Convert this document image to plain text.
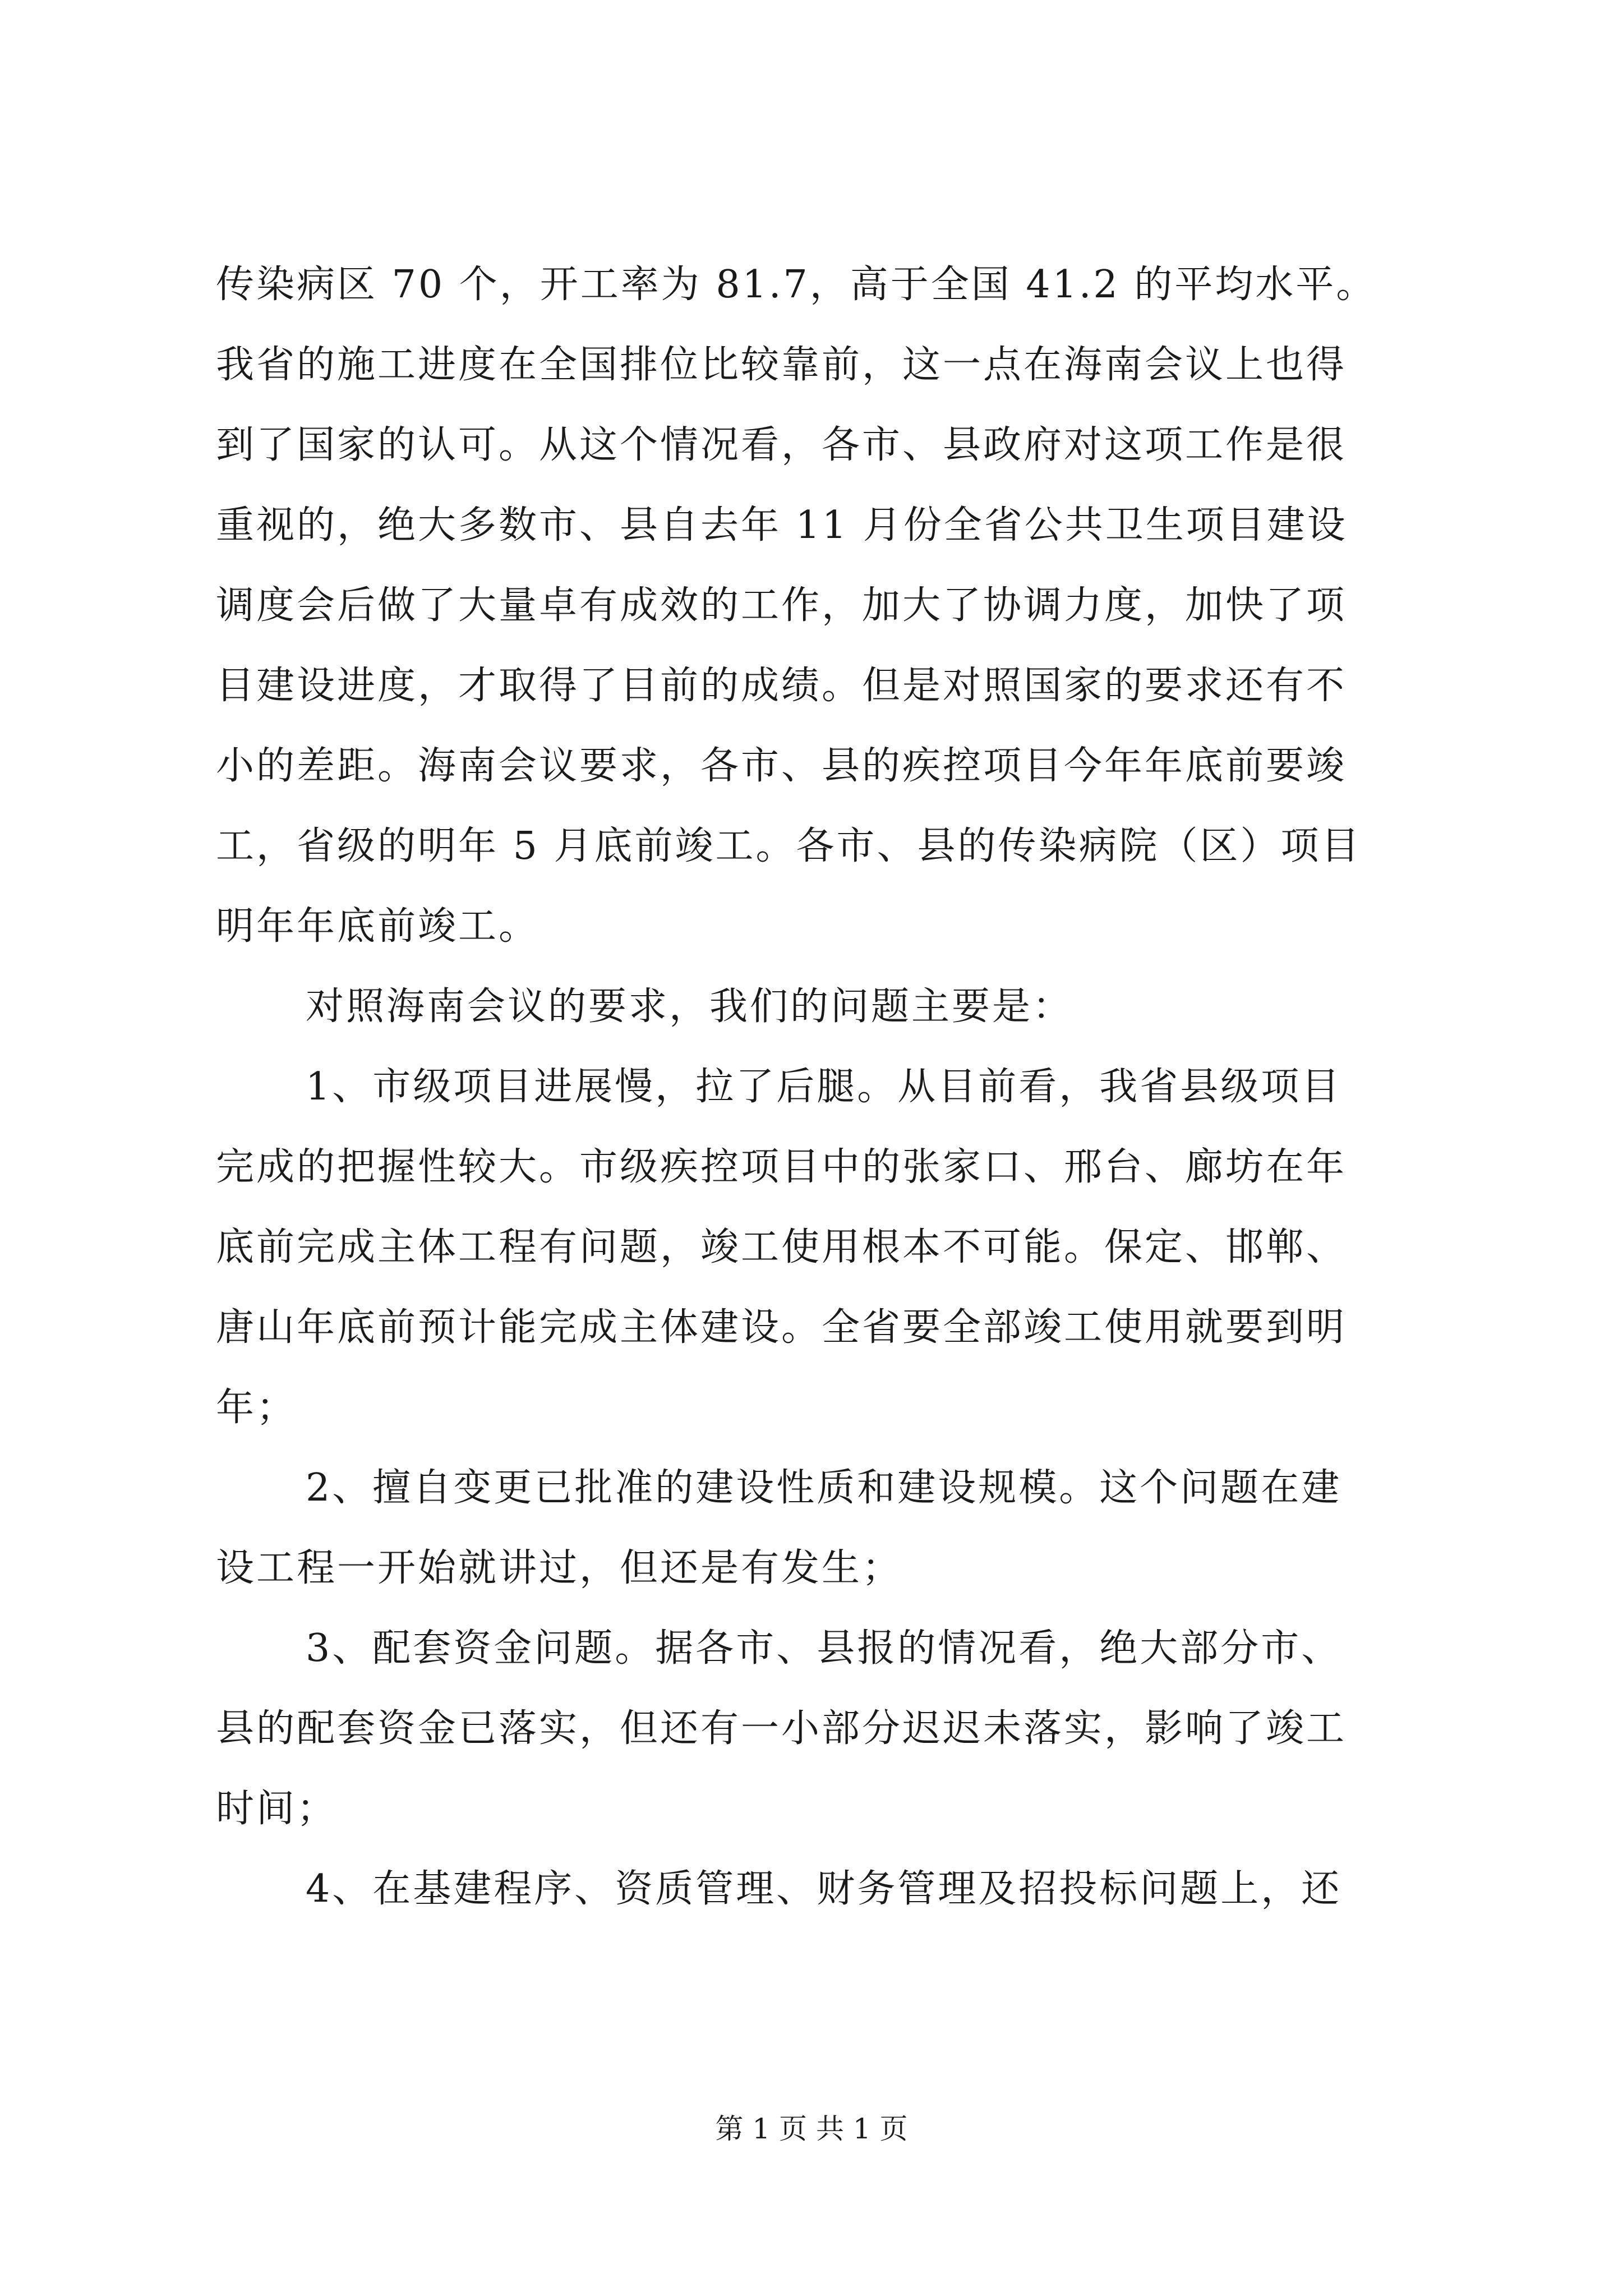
传染病区 70 个，开工率为 81.7，高于全国 41.2 的平均水平。
我省的施工进度在全国排位比较靠前，这一点在海南会议上也得
到了国家的认可。从这个情况看，各市、县政府对这项工作是很
重视的，绝大多数市、县自去年 11 月份全省公共卫生项目建设
调度会后做了大量卓有成效的工作，加大了协调力度，加快了项
目建设进度，才取得了目前的成绩。但是对照国家的要求还有不
小的差距。海南会议要求，各市、县的疾控项目今年年底前要竣
工，省级的明年 5 月底前竣工。各市、县的传染病院（区）项目
明年年底前竣工。
对照海南会议的要求，我们的问题主要是：
1、市级项目进展慢，拉了后腿。从目前看，我省县级项目
完成的把握性较大。市级疾控项目中的张家口、邢台、廊坊在年
底前完成主体工程有问题，竣工使用根本不可能。保定、邯郸、
唐山年底前预计能完成主体建设。全省要全部竣工使用就要到明
年；
2、擅自变更已批准的建设性质和建设规模。这个问题在建
设工程一开始就讲过，但还是有发生；
3、配套资金问题。据各市、县报的情况看，绝大部分市、
县的配套资金已落实，但还有一小部分迟迟未落实，影响了竣工
时间；
4、在基建程序、资质管理、财务管理及招投标问题上，还
第 1 页 共 1 页
